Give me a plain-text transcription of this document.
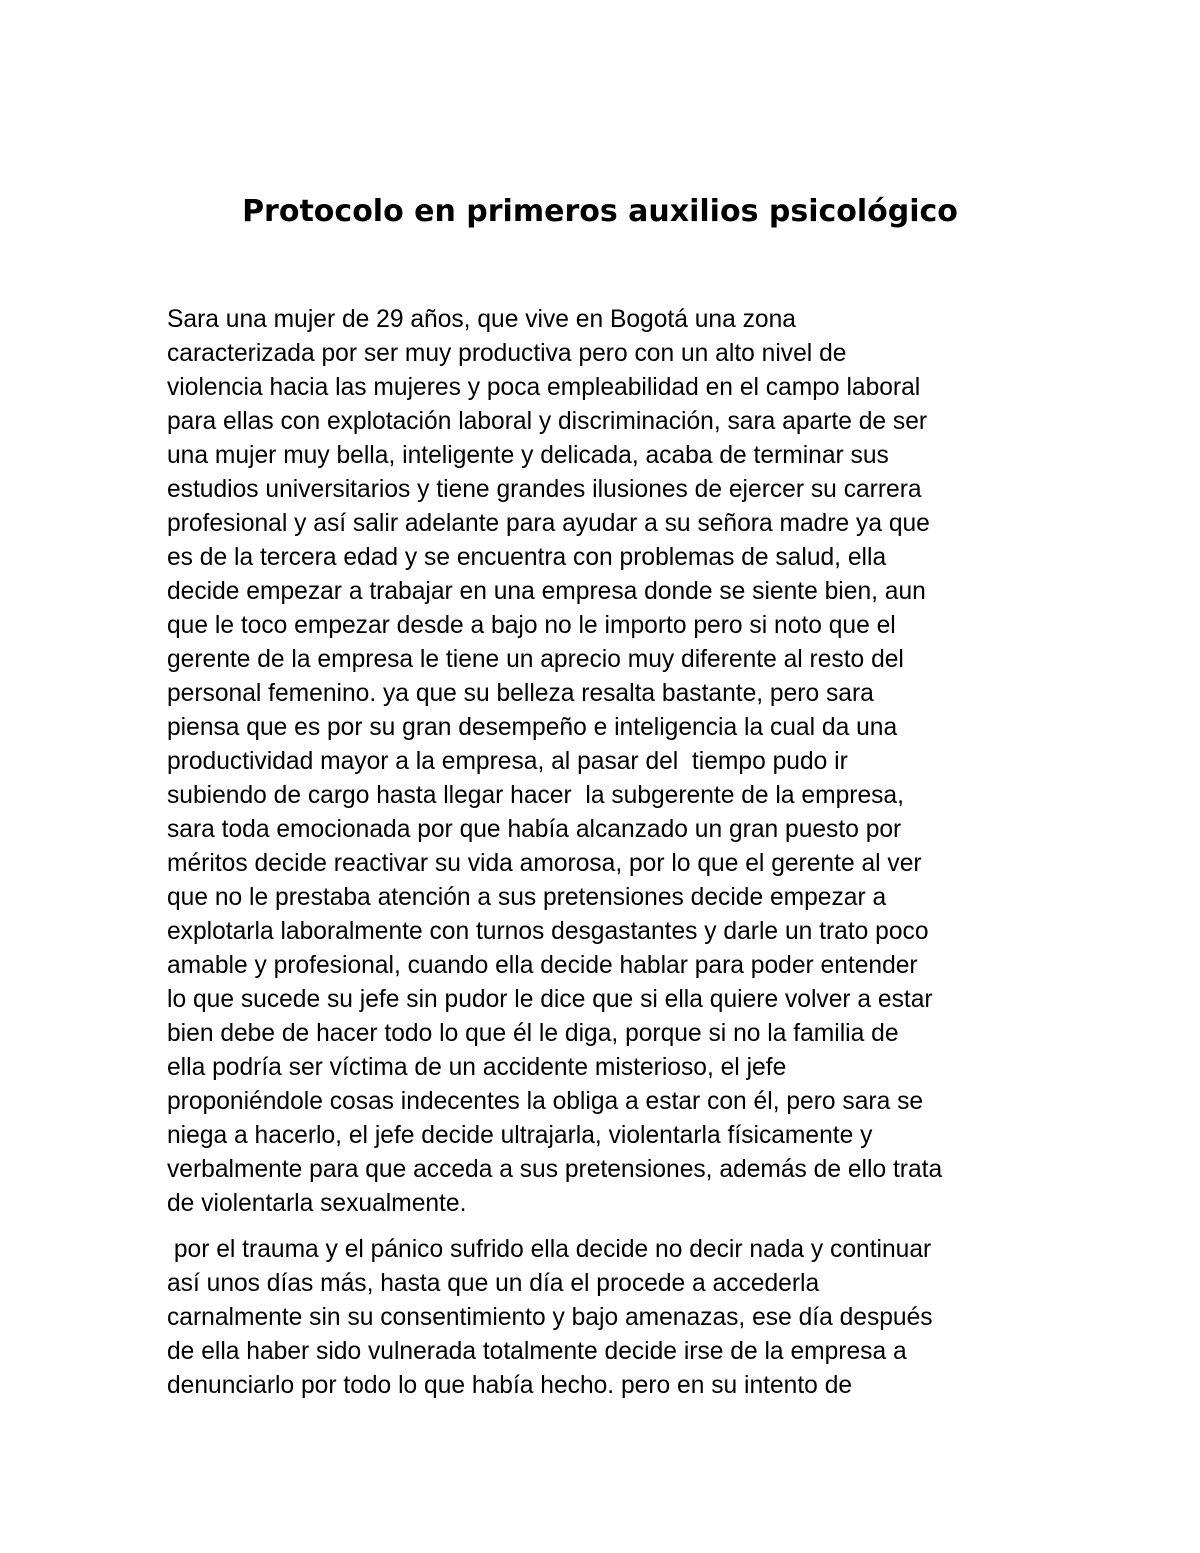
Protocolo en primeros auxilios psicológico
Sara una mujer de 29 años, que vive en Bogotá una zona
caracterizada por ser muy productiva pero con un alto nivel de
violencia hacia las mujeres y poca empleabilidad en el campo laboral
para ellas con explotación laboral y discriminación, sara aparte de ser
una mujer muy bella, inteligente y delicada, acaba de terminar sus
estudios universitarios y tiene grandes ilusiones de ejercer su carrera
profesional y así salir adelante para ayudar a su señora madre ya que
es de la tercera edad y se encuentra con problemas de salud, ella
decide empezar a trabajar en una empresa donde se siente bien, aun
que le toco empezar desde a bajo no le importo pero si noto que el
gerente de la empresa le tiene un aprecio muy diferente al resto del
personal femenino. ya que su belleza resalta bastante, pero sara
piensa que es por su gran desempeño e inteligencia la cual da una
productividad mayor a la empresa, al pasar del  tiempo pudo ir
subiendo de cargo hasta llegar hacer  la subgerente de la empresa,
sara toda emocionada por que había alcanzado un gran puesto por
méritos decide reactivar su vida amorosa, por lo que el gerente al ver
que no le prestaba atención a sus pretensiones decide empezar a
explotarla laboralmente con turnos desgastantes y darle un trato poco
amable y profesional, cuando ella decide hablar para poder entender
lo que sucede su jefe sin pudor le dice que si ella quiere volver a estar
bien debe de hacer todo lo que él le diga, porque si no la familia de
ella podría ser víctima de un accidente misterioso, el jefe
proponiéndole cosas indecentes la obliga a estar con él, pero sara se
niega a hacerlo, el jefe decide ultrajarla, violentarla físicamente y
verbalmente para que acceda a sus pretensiones, además de ello trata
de violentarla sexualmente.
por el trauma y el pánico sufrido ella decide no decir nada y continuar
así unos días más, hasta que un día el procede a accederla
carnalmente sin su consentimiento y bajo amenazas, ese día después
de ella haber sido vulnerada totalmente decide irse de la empresa a
denunciarlo por todo lo que había hecho. pero en su intento de
